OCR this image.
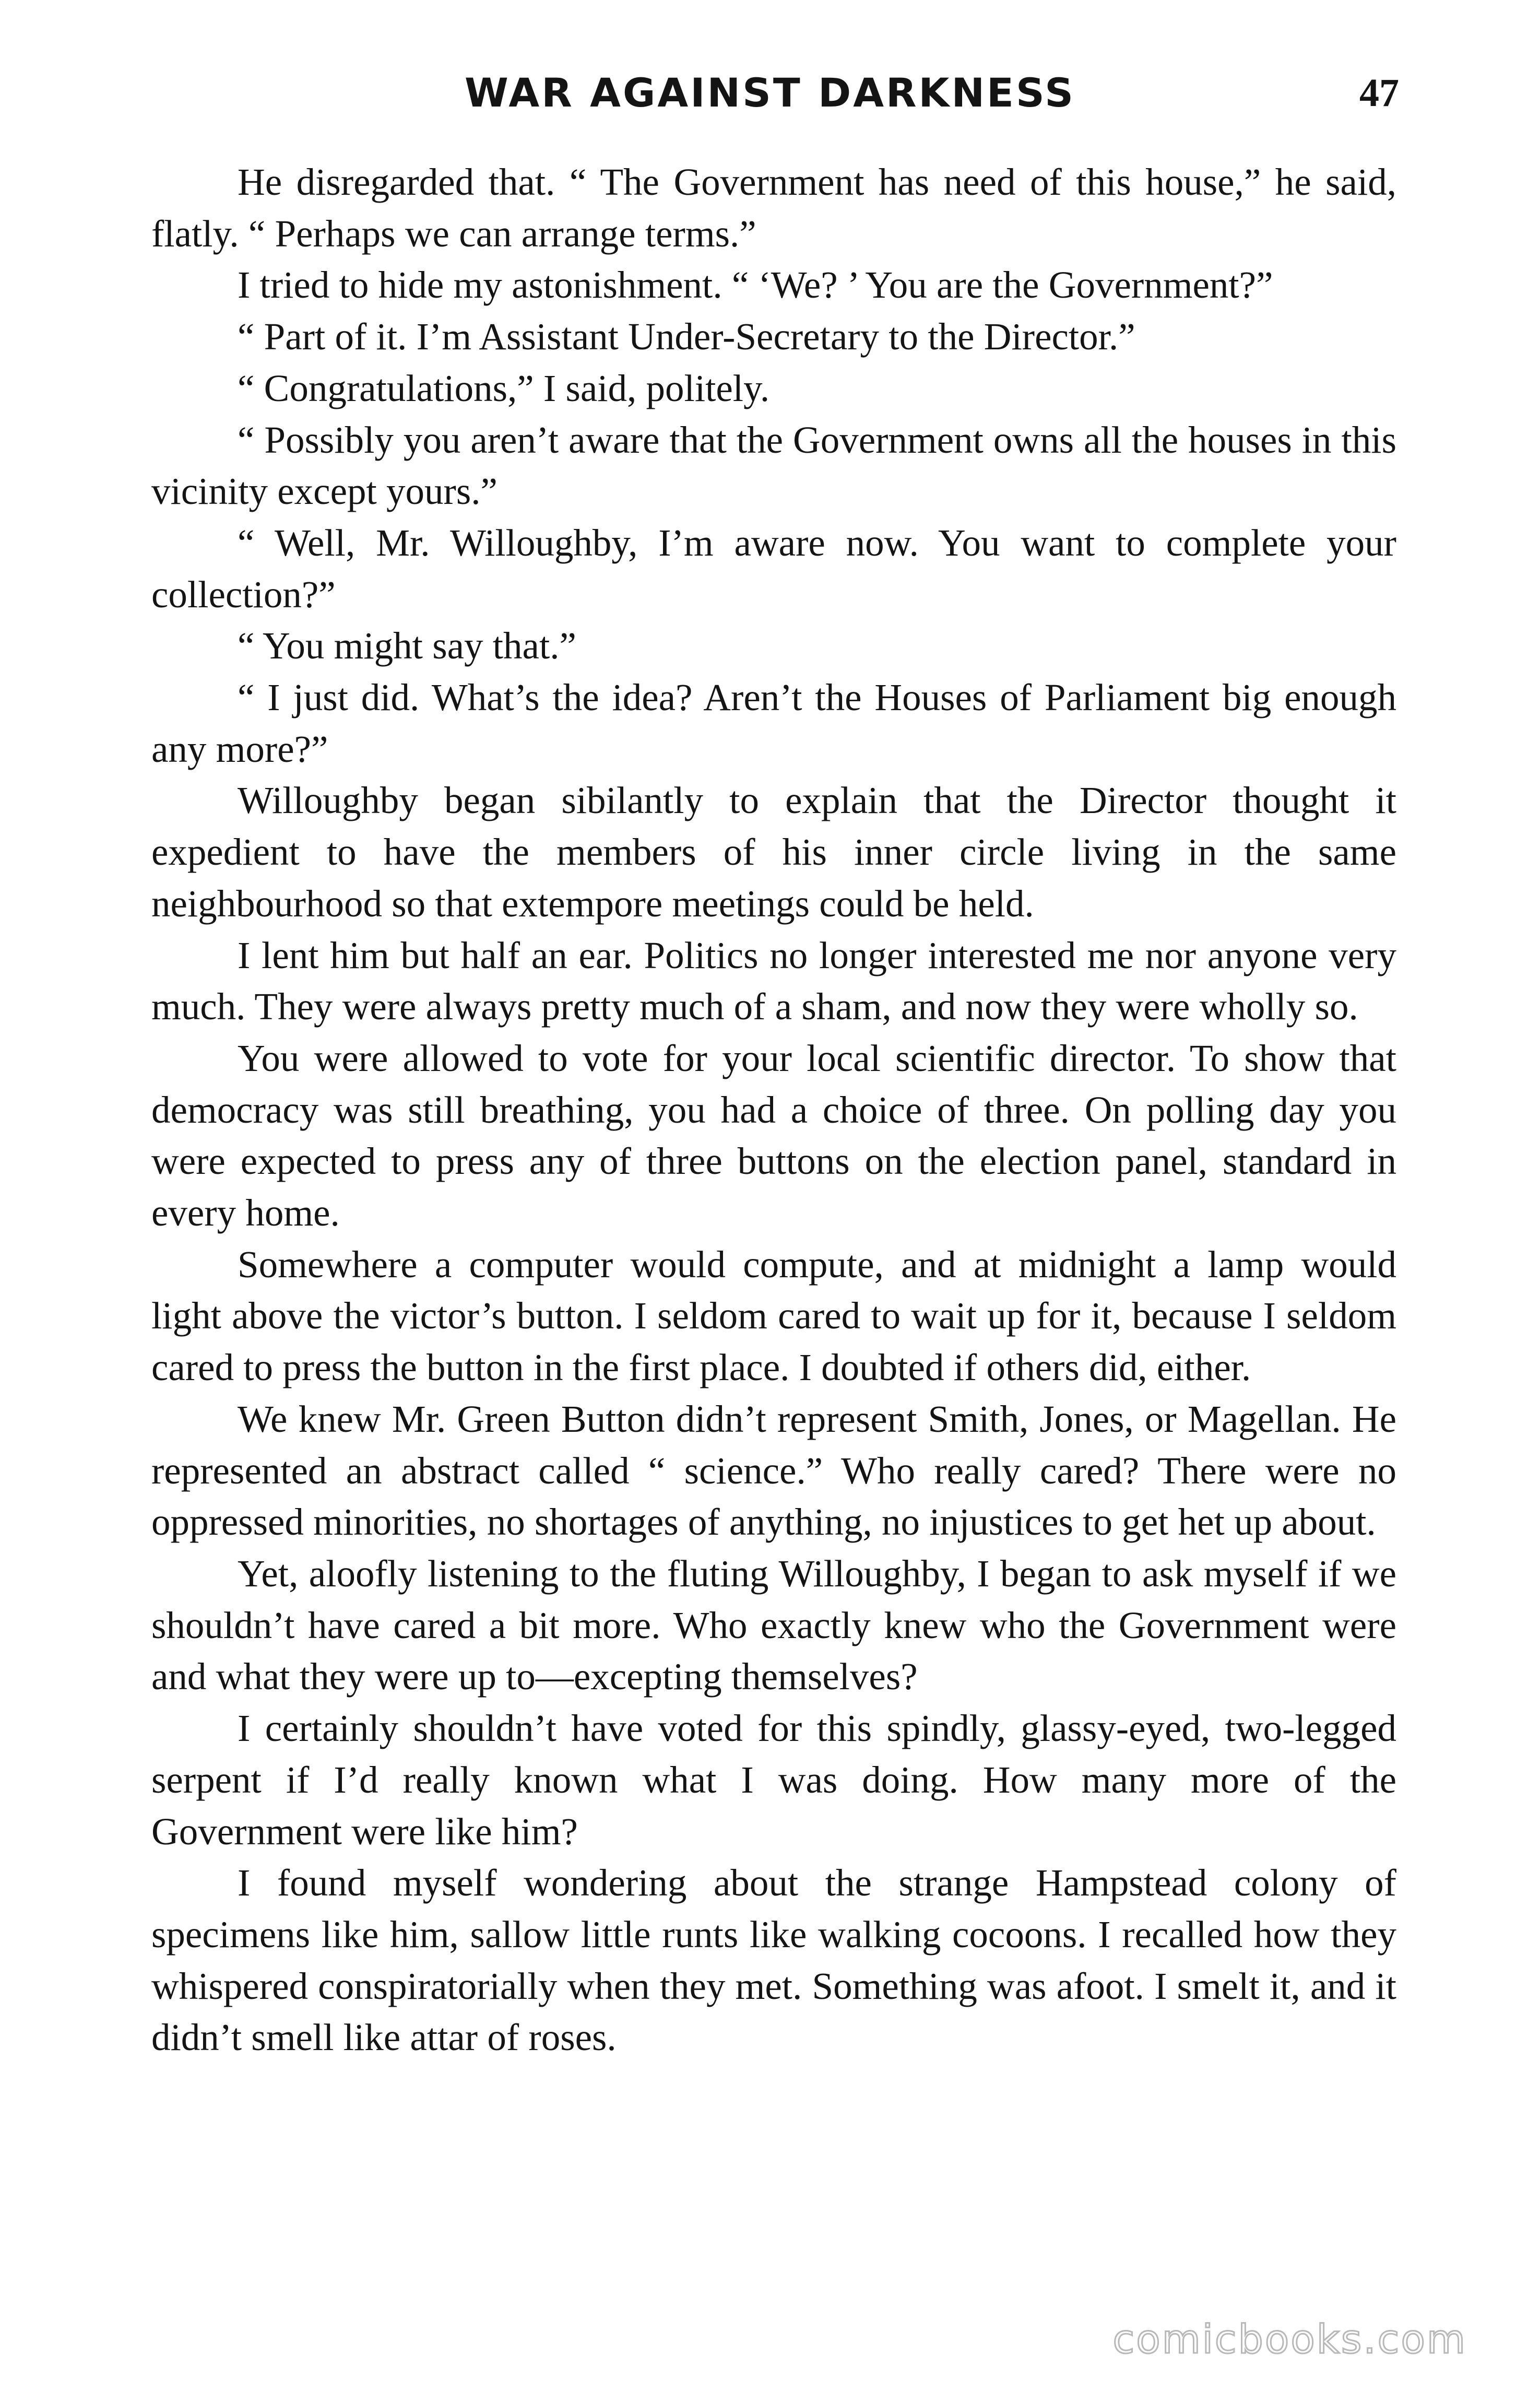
WAR AGAINST DARKNESS	47

He disregarded that. “ The Government has need of this house,” he said, flatly. “ Perhaps we can arrange terms.”

I tried to hide my astonishment. “ ‘We? ’ You are the Government?”

“ Part of it. I’m Assistant Under-Secretary to the Director.”

“ Congratulations,” I said, politely.

“ Possibly you aren’t aware that the Government owns all the houses in this vicinity except yours.”

“ Well, Mr. Willoughby, I’m aware now. You want to complete your collection?”

“ You might say that.”

“ I just did. What’s the idea? Aren’t the Houses of Parliament big enough any more?”

Willoughby began sibilantly to explain that the Director thought it expedient to have the members of his inner circle living in the same neighbourhood so that extempore meetings could be held.

I lent him but half an ear. Politics no longer interested me nor anyone very much. They were always pretty much of a sham, and now they were wholly so.

You were allowed to vote for your local scientific director. To show that democracy was still breathing, you had a choice of three. On polling day you were expected to press any of three buttons on the election panel, standard in every home.

Somewhere a computer would compute, and at midnight a lamp would light above the victor’s button. I seldom cared to wait up for it, because I seldom cared to press the button in the first place. I doubted if others did, either.

We knew Mr. Green Button didn’t represent Smith, Jones, or Magellan. He represented an abstract called “ science.” Who really cared? There were no oppressed minorities, no shortages of anything, no injustices to get het up about.

Yet, aloofly listening to the fluting Willoughby, I began to ask myself if we shouldn’t have cared a bit more. Who exactly knew who the Government were and what they were up to—excepting themselves?

I certainly shouldn’t have voted for this spindly, glassy-eyed, two-legged serpent if I’d really known what I was doing. How many more of the Government were like him?

I found myself wondering about the strange Hampstead colony of specimens like him, sallow little runts like walking cocoons. I recalled how they whispered conspiratorially when they met. Something was afoot. I smelt it, and it didn’t smell like attar of roses.

comicbooks.com
